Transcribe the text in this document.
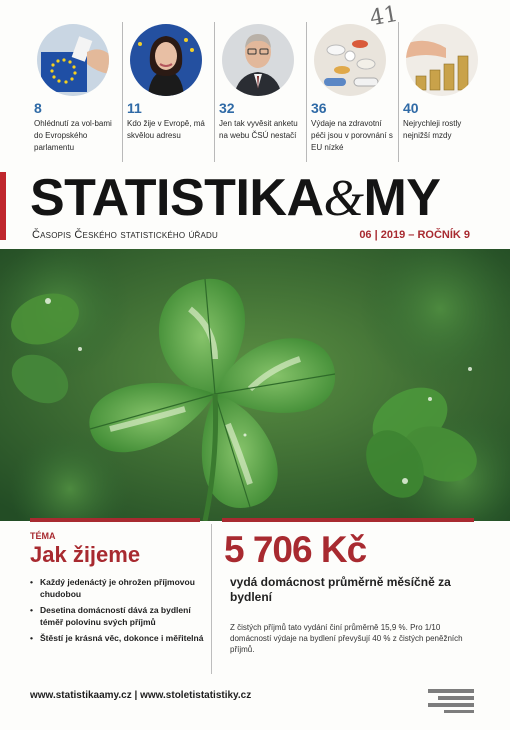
8
Ohlédnutí za vol-bami do Evropského parlamentu
11
Kdo žije v Evropě, má skvělou adresu
32
Jen tak vyvěsit anketu na webu ČSÚ nestačí
36
Výdaje na zdravotní péči jsou v porovnání s EU nízké
40
Nejrychleji rostly nejnižší mzdy
41
STATISTIKA&MY
Časopis Českého statistického úřadu	06 | 2019 – ROČNÍK 9
TÉMA
Jak žijeme
• Každý jedenáctý je ohrožen příjmovou chudobou
• Desetina domácností dává za bydlení téměř polovinu svých příjmů
• Štěstí je krásná věc, dokonce i měřitelná
5 706 Kč
vydá domácnost průměrně měsíčně za bydlení
Z čistých příjmů tato vydání činí průměrně 15,9 %. Pro 1/10 domácností výdaje na bydlení převyšují 40 % z čistých peněžních příjmů.
www.statistikaamy.cz | www.stoletistatistiky.cz
